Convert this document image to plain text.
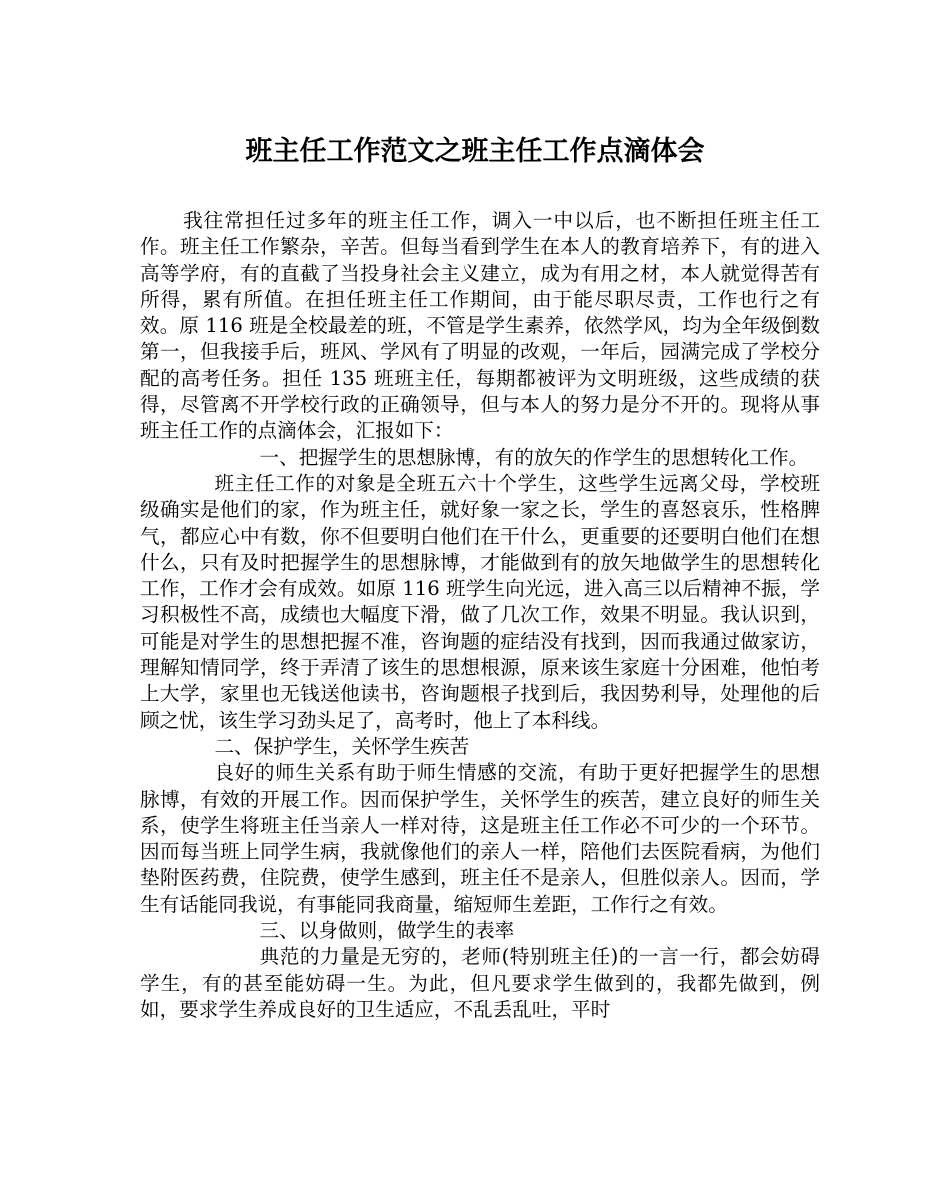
班主任工作范文之班主任工作点滴体会

我往常担任过多年的班主任工作，调入一中以后，也不断担任班主任工作。班主任工作繁杂，辛苦。但每当看到学生在本人的教育培养下，有的进入高等学府，有的直截了当投身社会主义建立，成为有用之材，本人就觉得苦有所得，累有所值。在担任班主任工作期间，由于能尽职尽责，工作也行之有效。原 116 班是全校最差的班，不管是学生素养，依然学风，均为全年级倒数第一，但我接手后，班风、学风有了明显的改观，一年后，园满完成了学校分配的高考任务。担任 135 班班主任，每期都被评为文明班级，这些成绩的获得，尽管离不开学校行政的正确领导，但与本人的努力是分不开的。现将从事班主任工作的点滴体会，汇报如下：

一、把握学生的思想脉博，有的放矢的作学生的思想转化工作。

班主任工作的对象是全班五六十个学生，这些学生远离父母，学校班级确实是他们的家，作为班主任，就好象一家之长，学生的喜怒哀乐，性格脾气，都应心中有数，你不但要明白他们在干什么，更重要的还要明白他们在想什么，只有及时把握学生的思想脉博，才能做到有的放矢地做学生的思想转化工作，工作才会有成效。如原 116 班学生向光远，进入高三以后精神不振，学习积极性不高，成绩也大幅度下滑，做了几次工作，效果不明显。我认识到，可能是对学生的思想把握不准，咨询题的症结没有找到，因而我通过做家访，理解知情同学，终于弄清了该生的思想根源，原来该生家庭十分困难，他怕考上大学，家里也无钱送他读书，咨询题根子找到后，我因势利导，处理他的后顾之忧，该生学习劲头足了，高考时，他上了本科线。

二、保护学生，关怀学生疾苦

良好的师生关系有助于师生情感的交流，有助于更好把握学生的思想脉博，有效的开展工作。因而保护学生，关怀学生的疾苦，建立良好的师生关系，使学生将班主任当亲人一样对待，这是班主任工作必不可少的一个环节。因而每当班上同学生病，我就像他们的亲人一样，陪他们去医院看病，为他们垫附医药费，住院费，使学生感到，班主任不是亲人，但胜似亲人。因而，学生有话能同我说，有事能同我商量，缩短师生差距，工作行之有效。

三、以身做则，做学生的表率

典范的力量是无穷的，老师(特别班主任)的一言一行，都会妨碍学生，有的甚至能妨碍一生。为此，但凡要求学生做到的，我都先做到，例如，要求学生养成良好的卫生适应，不乱丢乱吐，平时
